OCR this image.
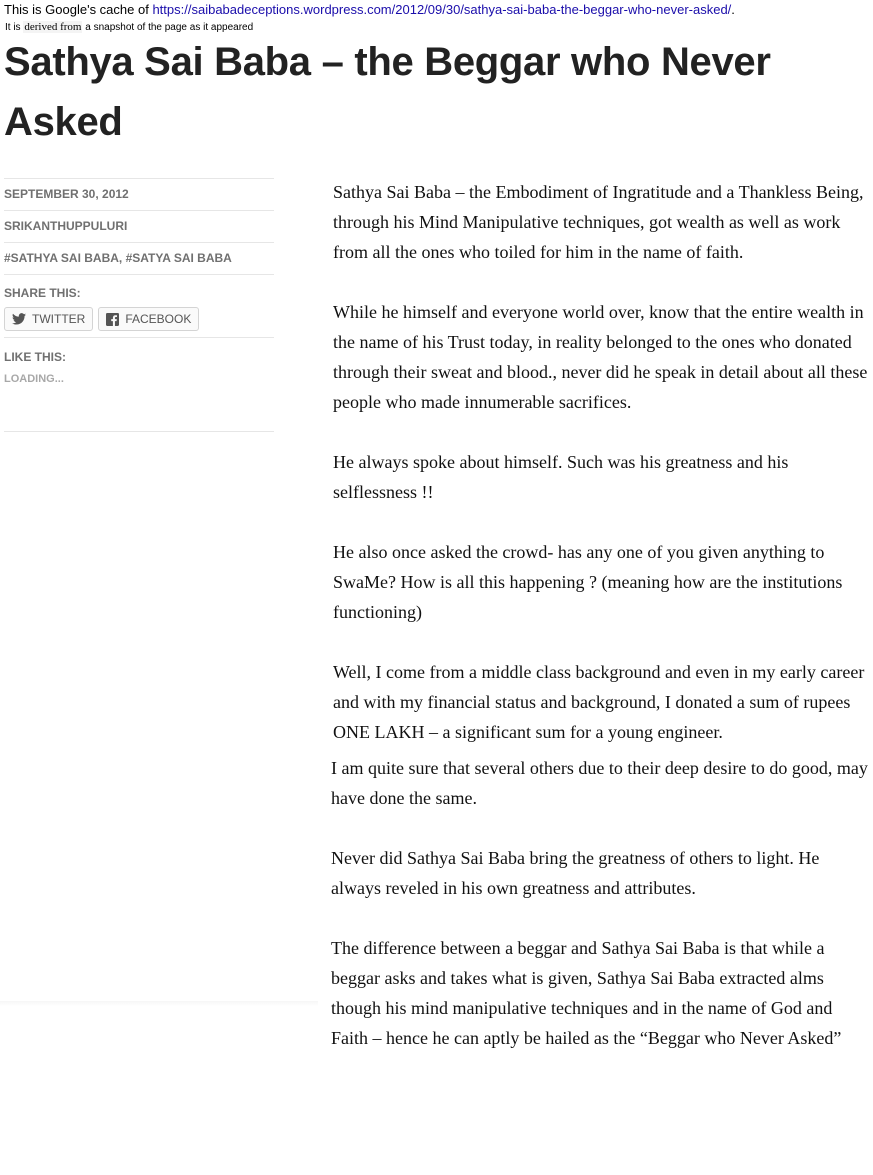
This is Google's cache of https://saibabadeceptions.wordpress.com/2012/09/30/sathya-sai-baba-the-beggar-who-never-asked/.
It is derived from a snapshot of the page as it appeared
Sathya Sai Baba – the Beggar who Never Asked
SEPTEMBER 30, 2012
SRIKANTHUPPULURI
#SATHYA SAI BABA, #SATYA SAI BABA
SHARE THIS:
TWITTER	FACEBOOK
LIKE THIS:
LOADING...

Sathya Sai Baba – the Embodiment of Ingratitude and a Thankless Being, through his Mind Manipulative techniques, got wealth as well as work from all the ones who toiled for him in the name of faith.

While he himself and everyone world over, know that the entire wealth in the name of his Trust today, in reality belonged to the ones who donated through their sweat and blood., never did he speak in detail about all these people who made innumerable sacrifices.

He always spoke about himself. Such was his greatness and his selflessness !!

He also once asked the crowd- has any one of you given anything to SwaMe? How is all this happening ? (meaning how are the institutions functioning)

Well, I come from a middle class background and even in my early career and with my financial status and background, I donated a sum of rupees ONE LAKH – a significant sum for a young engineer.

I am quite sure that several others due to their deep desire to do good, may have done the same.

Never did Sathya Sai Baba bring the greatness of others to light. He always reveled in his own greatness and attributes.

The difference between a beggar and Sathya Sai Baba is that while a beggar asks and takes what is given, Sathya Sai Baba extracted alms though his mind manipulative techniques and in the name of God and Faith – hence he can aptly be hailed as the “Beggar who Never Asked”
